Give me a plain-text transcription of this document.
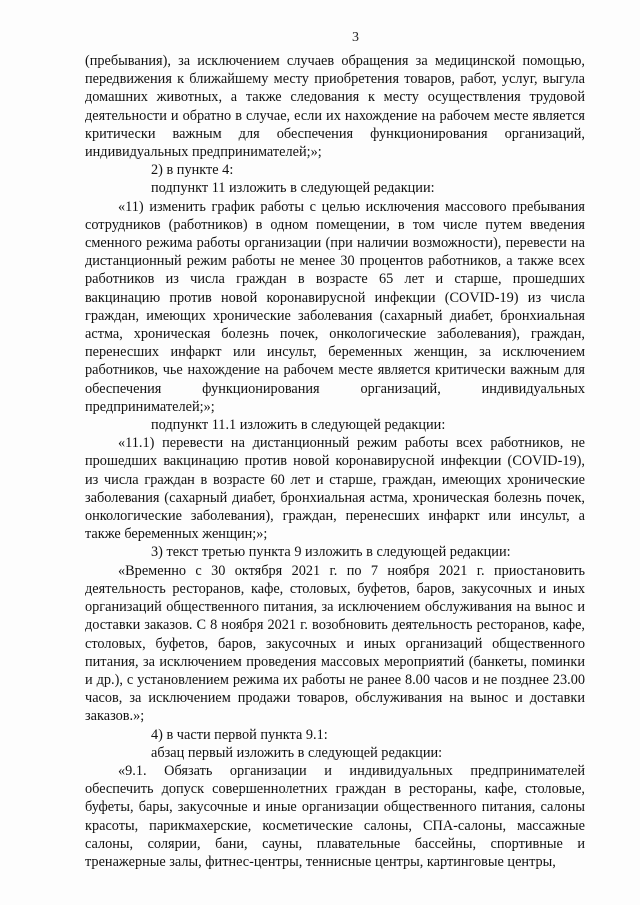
3

(пребывания), за исключением случаев обращения за медицинской помощью, передвижения к ближайшему месту приобретения товаров, работ, услуг, выгула домашних животных, а также следования к месту осуществления трудовой деятельности и обратно в случае, если их нахождение на рабочем месте является критически важным для обеспечения функционирования организаций, индивидуальных предпринимателей;»;

2) в пункте 4:

подпункт 11 изложить в следующей редакции:

«11) изменить график работы с целью исключения массового пребывания сотрудников (работников) в одном помещении, в том числе путем введения сменного режима работы организации (при наличии возможности), перевести на дистанционный режим работы не менее 30 процентов работников, а также всех работников из числа граждан в возрасте 65 лет и старше, прошедших вакцинацию против новой коронавирусной инфекции (COVID-19) из числа граждан, имеющих хронические заболевания (сахарный диабет, бронхиальная астма, хроническая болезнь почек, онкологические заболевания), граждан, перенесших инфаркт или инсульт, беременных женщин, за исключением работников, чье нахождение на рабочем месте является критически важным для обеспечения функционирования организаций, индивидуальных предпринимателей;»;

подпункт 11.1 изложить в следующей редакции:

«11.1) перевести на дистанционный режим работы всех работников, не прошедших вакцинацию против новой коронавирусной инфекции (COVID-19), из числа граждан в возрасте 60 лет и старше, граждан, имеющих хронические заболевания (сахарный диабет, бронхиальная астма, хроническая болезнь почек, онкологические заболевания), граждан, перенесших инфаркт или инсульт, а также беременных женщин;»;

3) текст третью пункта 9 изложить в следующей редакции:

«Временно с 30 октября 2021 г. по 7 ноября 2021 г. приостановить деятельность ресторанов, кафе, столовых, буфетов, баров, закусочных и иных организаций общественного питания, за исключением обслуживания на вынос и доставки заказов. С 8 ноября 2021 г. возобновить деятельность ресторанов, кафе, столовых, буфетов, баров, закусочных и иных организаций общественного питания, за исключением проведения массовых мероприятий (банкеты, поминки и др.), с установлением режима их работы не ранее 8.00 часов и не позднее 23.00 часов, за исключением продажи товаров, обслуживания на вынос и доставки заказов.»;

4) в части первой пункта 9.1:

абзац первый изложить в следующей редакции:

«9.1. Обязать организации и индивидуальных предпринимателей обеспечить допуск совершеннолетних граждан в рестораны, кафе, столовые, буфеты, бары, закусочные и иные организации общественного питания, салоны красоты, парикмахерские, косметические салоны, СПА-салоны, массажные салоны, солярии, бани, сауны, плавательные бассейны, спортивные и тренажерные залы, фитнес-центры, теннисные центры, картинговые центры,
